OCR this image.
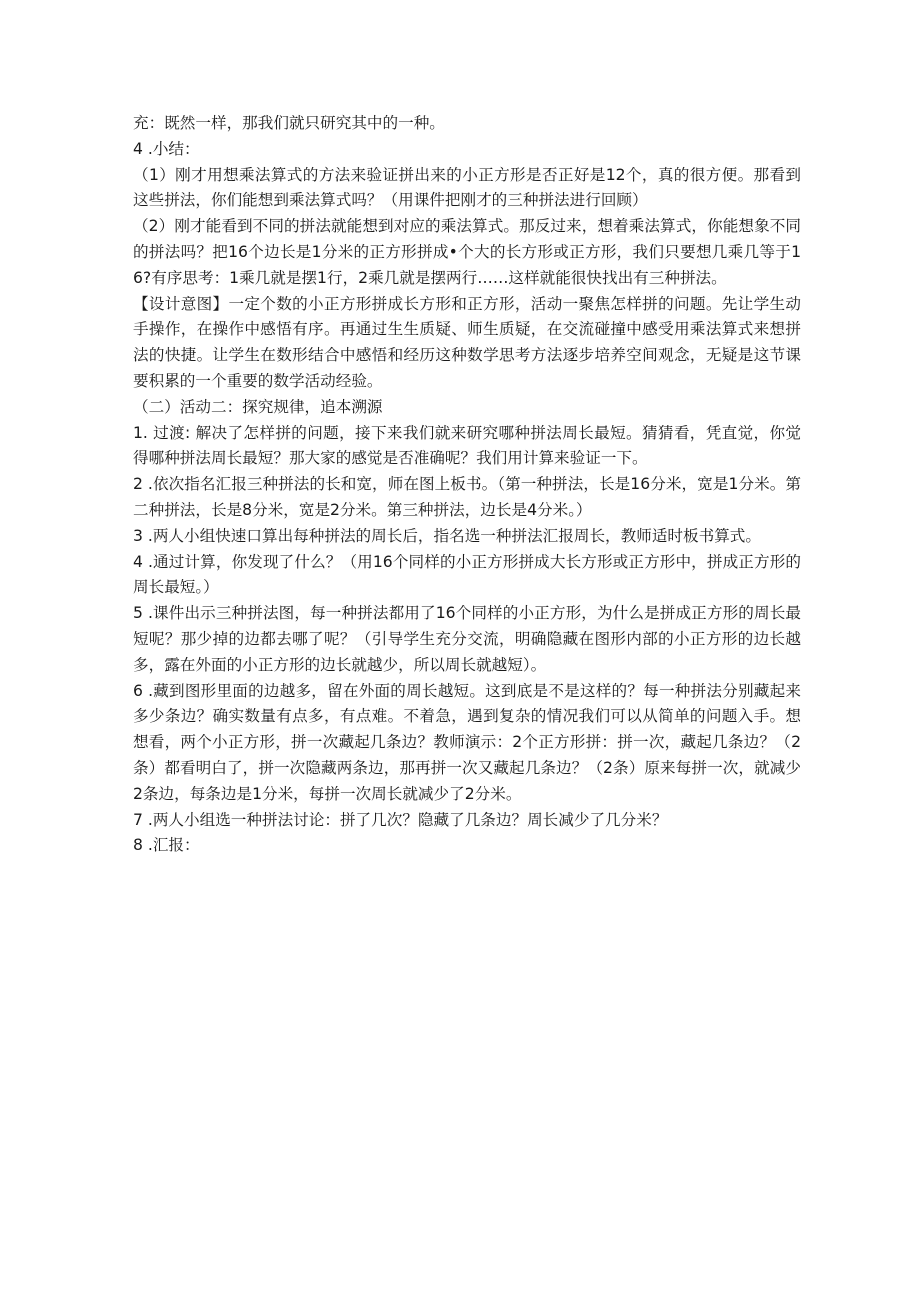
充：既然一样，那我们就只研究其中的一种。

4 .小结：

（1）刚才用想乘法算式的方法来验证拼出来的小正方形是否正好是12个，真的很方便。那看到这些拼法，你们能想到乘法算式吗？（用课件把刚才的三种拼法进行回顾）

（2）刚才能看到不同的拼法就能想到对应的乘法算式。那反过来，想着乘法算式，你能想象不同的拼法吗？把16个边长是1分米的正方形拼成•个大的长方形或正方形，我们只要想几乘几等于16?有序思考：1乘几就是摆1行，2乘几就是摆两行……这样就能很快找出有三种拼法。

【设计意图】一定个数的小正方形拼成长方形和正方形，活动一聚焦怎样拼的问题。先让学生动手操作，在操作中感悟有序。再通过生生质疑、师生质疑，在交流碰撞中感受用乘法算式来想拼法的快捷。让学生在数形结合中感悟和经历这种数学思考方法逐步培养空间观念，无疑是这节课要积累的一个重要的数学活动经验。

（二）活动二：探究规律，追本溯源

1. 过渡: 解决了怎样拼的问题，接下来我们就来研究哪种拼法周长最短。猜猜看，凭直觉，你觉得哪种拼法周长最短？那大家的感觉是否准确呢？我们用计算来验证一下。

2 .依次指名汇报三种拼法的长和宽，师在图上板书。（第一种拼法，长是16分米，宽是1分米。第二种拼法，长是8分米，宽是2分米。第三种拼法，边长是4分米。）

3 .两人小组快速口算出每种拼法的周长后，指名选一种拼法汇报周长，教师适时板书算式。

4 .通过计算，你发现了什么？（用16个同样的小正方形拼成大长方形或正方形中，拼成正方形的周长最短。）

5 .课件出示三种拼法图，每一种拼法都用了16个同样的小正方形，为什么是拼成正方形的周长最短呢？那少掉的边都去哪了呢？（引导学生充分交流，明确隐藏在图形内部的小正方形的边长越多，露在外面的小正方形的边长就越少，所以周长就越短）。

6 .藏到图形里面的边越多，留在外面的周长越短。这到底是不是这样的？每一种拼法分别藏起来多少条边？确实数量有点多，有点难。不着急，遇到复杂的情况我们可以从简单的问题入手。想想看，两个小正方形，拼一次藏起几条边？教师演示：2个正方形拼：拼一次，藏起几条边？（2条）都看明白了，拼一次隐藏两条边，那再拼一次又藏起几条边？（2条）原来每拼一次，就减少2条边，每条边是1分米，每拼一次周长就减少了2分米。

7 .两人小组选一种拼法讨论：拼了几次？隐藏了几条边？周长减少了几分米？

8 .汇报：
